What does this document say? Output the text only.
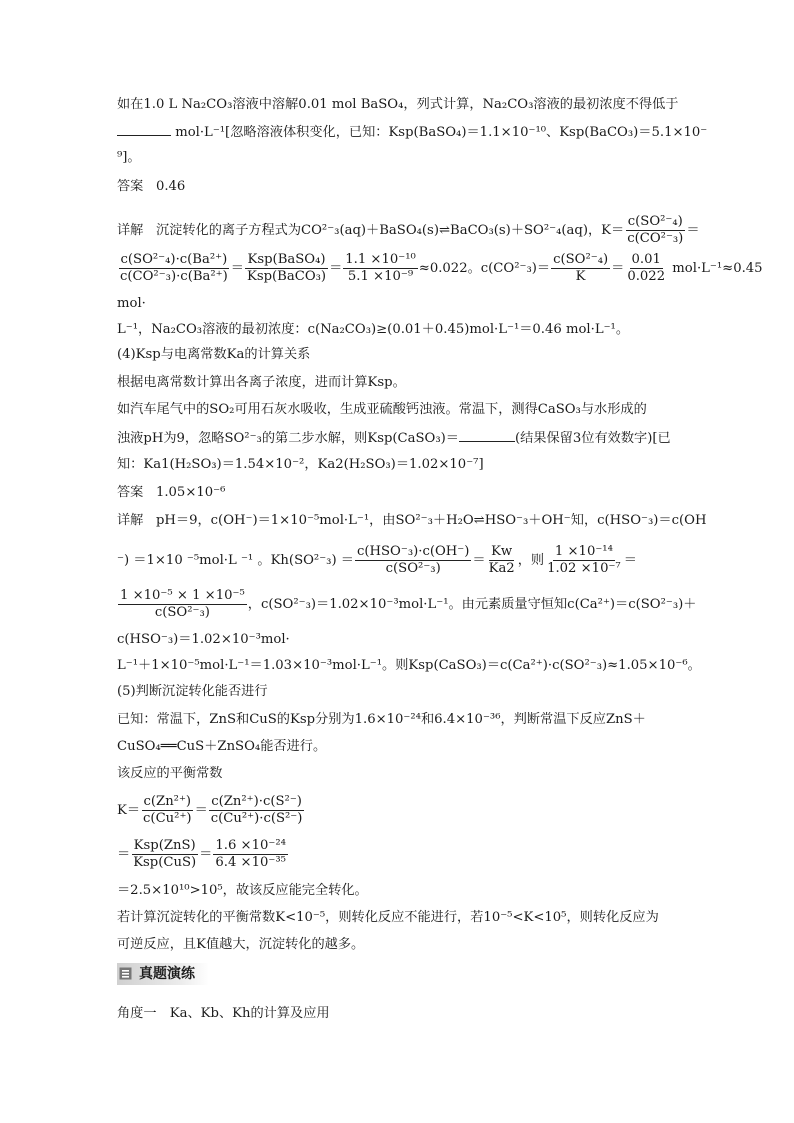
如在1.0 L Na₂CO₃溶液中溶解0.01 mol BaSO₄，列式计算，Na₂CO₃溶液的最初浓度不得低于
mol·L⁻¹[忽略溶液体积变化，已知：Ksp(BaSO₄)＝1.1×10⁻¹⁰、Ksp(BaCO₃)＝5.1×10⁻
⁹]。
答案 0.46
详解 沉淀转化的离子方程式为CO²⁻₃(aq)＋BaSO₄(s)⇌BaCO₃(s)＋SO²⁻₄(aq)，$K= \frac{\text{c(SO²⁻₄)}}{\text{c(CO²⁻₃)}}$ ＝
$\frac{\text{c(SO²⁻₄)·c(Ba²⁺)}}{\text{c(CO²⁻₃)·c(Ba²⁺)}} = \frac{\text{Ksp(BaSO₄)}}{\text{Ksp(BaCO₃)}} = \frac{\text{1.1 ×10⁻¹⁰}}{\text{5.1 ×10⁻⁹}} \approx 0.022$。$c(CO^{2-}_3)= \frac{\text{c(SO²⁻₄)}}{K} = \frac{0.01}{0.022} mol\cdot L^{-1}\approx 0.45$
mol·
L⁻¹，Na₂CO₃溶液的最初浓度：c(Na₂CO₃)≥(0.01＋0.45)mol·L⁻¹＝0.46 mol·L⁻¹。
(4)Ksp与电离常数Ka的计算关系
根据电离常数计算出各离子浓度，进而计算Ksp。
如汽车尾气中的SO₂可用石灰水吸收，生成亚硫酸钙浊液。常温下，测得CaSO₃与水形成的
浊液pH为9，忽略SO²⁻₃的第二步水解，则Ksp(CaSO₃)＝	(结果保留3位有效数字)[已
知：Ka1(H₂SO₃)＝1.54×10⁻²，Ka2(H₂SO₃)＝1.02×10⁻⁷]
答案 1.05×10⁻⁶
详解 pH＝9，c(OH⁻)＝1×10⁻⁵mol·L⁻¹，由SO²⁻₃＋H₂O⇌HSO⁻₃＋OH⁻知，c(HSO⁻₃)＝c(OH
⁻) ＝1×10 ⁻⁵mol·L ⁻¹ 。$Kh(SO^{2-}_3) = \frac{\text{c(HSO⁻₃)·c(OH⁻)}}{\text{c(SO²⁻₃)}} = \frac{Kw}{Ka2}$ ，则 $\frac{\text{1 ×10⁻¹⁴}}{\text{1.02 ×10⁻⁷}}$ ＝
$\frac{\text{1 ×10⁻⁵ × 1 ×10⁻⁵}}{\text{c(SO²⁻₃)}}$ ，c(SO²⁻₃)＝1.02×10⁻³mol·L⁻¹。由元素质量守恒知c(Ca²⁺)＝c(SO²⁻₃)＋
c(HSO⁻₃)＝1.02×10⁻³mol·
L⁻¹＋1×10⁻⁵mol·L⁻¹＝1.03×10⁻³mol·L⁻¹。则Ksp(CaSO₃)＝c(Ca²⁺)·c(SO²⁻₃)≈1.05×10⁻⁶。
(5)判断沉淀转化能否进行
已知：常温下，ZnS和CuS的Ksp分别为1.6×10⁻²⁴和6.4×10⁻³⁶，判断常温下反应ZnS＋
CuSO₄══CuS＋ZnSO₄能否进行。
该反应的平衡常数
$K= \frac{\text{c(Zn²⁺)}}{\text{c(Cu²⁺)}} = \frac{\text{c(Zn²⁺)·c(S²⁻)}}{\text{c(Cu²⁺)·c(S²⁻)}}$
＝ $\frac{\text{Ksp(ZnS)}}{\text{Ksp(CuS)}} = \frac{\text{1.6 ×10⁻²⁴}}{\text{6.4 ×10⁻³⁵}}$
＝2.5×10¹⁰>10⁵，故该反应能完全转化。
若计算沉淀转化的平衡常数K<10⁻⁵，则转化反应不能进行，若10⁻⁵<K<10⁵，则转化反应为
可逆反应，且K值越大，沉淀转化的越多。
真题演练
角度一　Ka、Kb、Kh的计算及应用
